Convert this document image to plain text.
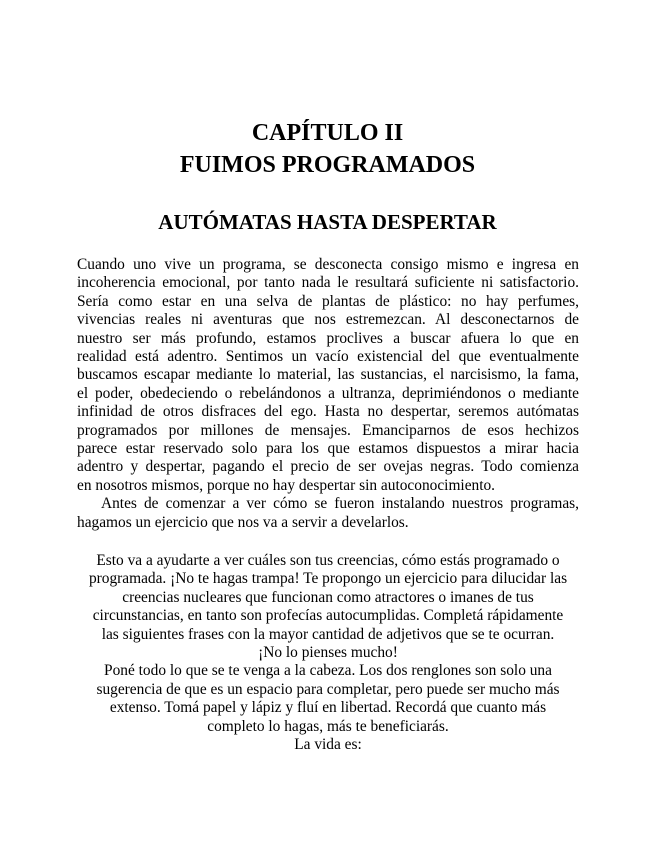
CAPÍTULO II
FUIMOS PROGRAMADOS
AUTÓMATAS HASTA DESPERTAR
Cuando uno vive un programa, se desconecta consigo mismo e ingresa en
incoherencia emocional, por tanto nada le resultará suficiente ni satisfactorio.
Sería como estar en una selva de plantas de plástico: no hay perfumes,
vivencias reales ni aventuras que nos estremezcan. Al desconectarnos de
nuestro ser más profundo, estamos proclives a buscar afuera lo que en
realidad está adentro. Sentimos un vacío existencial del que eventualmente
buscamos escapar mediante lo material, las sustancias, el narcisismo, la fama,
el poder, obedeciendo o rebelándonos a ultranza, deprimiéndonos o mediante
infinidad de otros disfraces del ego. Hasta no despertar, seremos autómatas
programados por millones de mensajes. Emanciparnos de esos hechizos
parece estar reservado solo para los que estamos dispuestos a mirar hacia
adentro y despertar, pagando el precio de ser ovejas negras. Todo comienza
en nosotros mismos, porque no hay despertar sin autoconocimiento.
Antes de comenzar a ver cómo se fueron instalando nuestros programas,
hagamos un ejercicio que nos va a servir a develarlos.
Esto va a ayudarte a ver cuáles son tus creencias, cómo estás programado o
programada. ¡No te hagas trampa! Te propongo un ejercicio para dilucidar las
creencias nucleares que funcionan como atractores o imanes de tus
circunstancias, en tanto son profecías autocumplidas. Completá rápidamente
las siguientes frases con la mayor cantidad de adjetivos que se te ocurran.
¡No lo pienses mucho!
Poné todo lo que se te venga a la cabeza. Los dos renglones son solo una
sugerencia de que es un espacio para completar, pero puede ser mucho más
extenso. Tomá papel y lápiz y fluí en libertad. Recordá que cuanto más
completo lo hagas, más te beneficiarás.
La vida es:
